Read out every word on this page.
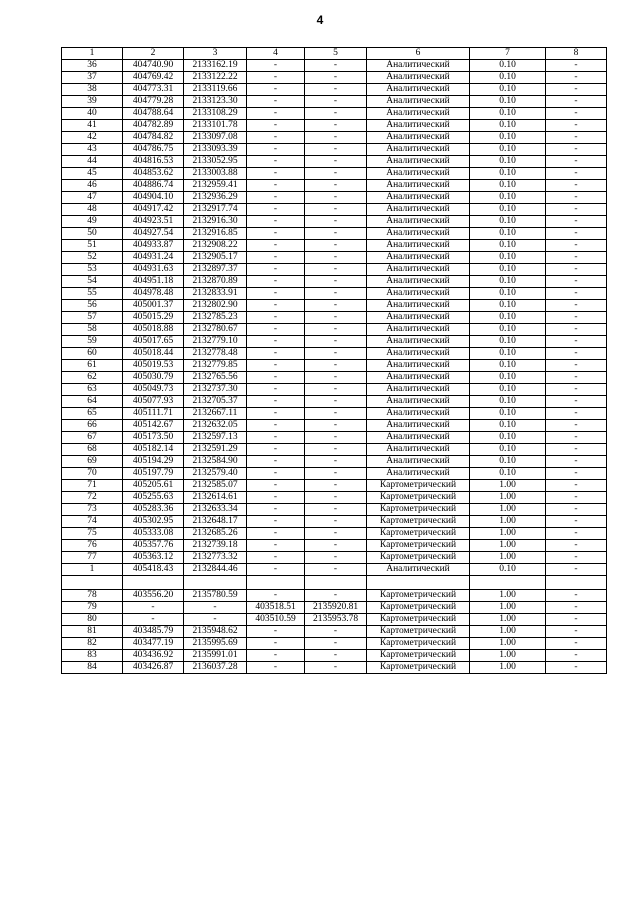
4
1	2	3	4	5	6	7	8
36	404740.90	2133162.19	-	-	Аналитический	0.10	-
37	404769.42	2133122.22	-	-	Аналитический	0.10	-
38	404773.31	2133119.66	-	-	Аналитический	0.10	-
39	404779.28	2133123.30	-	-	Аналитический	0.10	-
40	404788.64	2133108.29	-	-	Аналитический	0.10	-
41	404782.89	2133101.78	-	-	Аналитический	0.10	-
42	404784.82	2133097.08	-	-	Аналитический	0.10	-
43	404786.75	2133093.39	-	-	Аналитический	0.10	-
44	404816.53	2133052.95	-	-	Аналитический	0.10	-
45	404853.62	2133003.88	-	-	Аналитический	0.10	-
46	404886.74	2132959.41	-	-	Аналитический	0.10	-
47	404904.10	2132936.29	-	-	Аналитический	0.10	-
48	404917.42	2132917.74	-	-	Аналитический	0.10	-
49	404923.51	2132916.30	-	-	Аналитический	0.10	-
50	404927.54	2132916.85	-	-	Аналитический	0.10	-
51	404933.87	2132908.22	-	-	Аналитический	0.10	-
52	404931.24	2132905.17	-	-	Аналитический	0.10	-
53	404931.63	2132897.37	-	-	Аналитический	0.10	-
54	404951.18	2132870.89	-	-	Аналитический	0.10	-
55	404978.48	2132833.91	-	-	Аналитический	0.10	-
56	405001.37	2132802.90	-	-	Аналитический	0.10	-
57	405015.29	2132785.23	-	-	Аналитический	0.10	-
58	405018.88	2132780.67	-	-	Аналитический	0.10	-
59	405017.65	2132779.10	-	-	Аналитический	0.10	-
60	405018.44	2132778.48	-	-	Аналитический	0.10	-
61	405019.53	2132779.85	-	-	Аналитический	0.10	-
62	405030.79	2132765.56	-	-	Аналитический	0.10	-
63	405049.73	2132737.30	-	-	Аналитический	0.10	-
64	405077.93	2132705.37	-	-	Аналитический	0.10	-
65	405111.71	2132667.11	-	-	Аналитический	0.10	-
66	405142.67	2132632.05	-	-	Аналитический	0.10	-
67	405173.50	2132597.13	-	-	Аналитический	0.10	-
68	405182.14	2132591.29	-	-	Аналитический	0.10	-
69	405194.29	2132584.90	-	-	Аналитический	0.10	-
70	405197.79	2132579.40	-	-	Аналитический	0.10	-
71	405205.61	2132585.07	-	-	Картометрический	1.00	-
72	405255.63	2132614.61	-	-	Картометрический	1.00	-
73	405283.36	2132633.34	-	-	Картометрический	1.00	-
74	405302.95	2132648.17	-	-	Картометрический	1.00	-
75	405333.08	2132685.26	-	-	Картометрический	1.00	-
76	405357.76	2132739.18	-	-	Картометрический	1.00	-
77	405363.12	2132773.32	-	-	Картометрический	1.00	-
1	405418.43	2132844.46	-	-	Аналитический	0.10	-

78	403556.20	2135780.59	-	-	Картометрический	1.00	-
79	-	-	403518.51	2135920.81	Картометрический	1.00	-
80	-	-	403510.59	2135953.78	Картометрический	1.00	-
81	403485.79	2135948.62	-	-	Картометрический	1.00	-
82	403477.19	2135995.69	-	-	Картометрический	1.00	-
83	403436.92	2135991.01	-	-	Картометрический	1.00	-
84	403426.87	2136037.28	-	-	Картометрический	1.00	-
